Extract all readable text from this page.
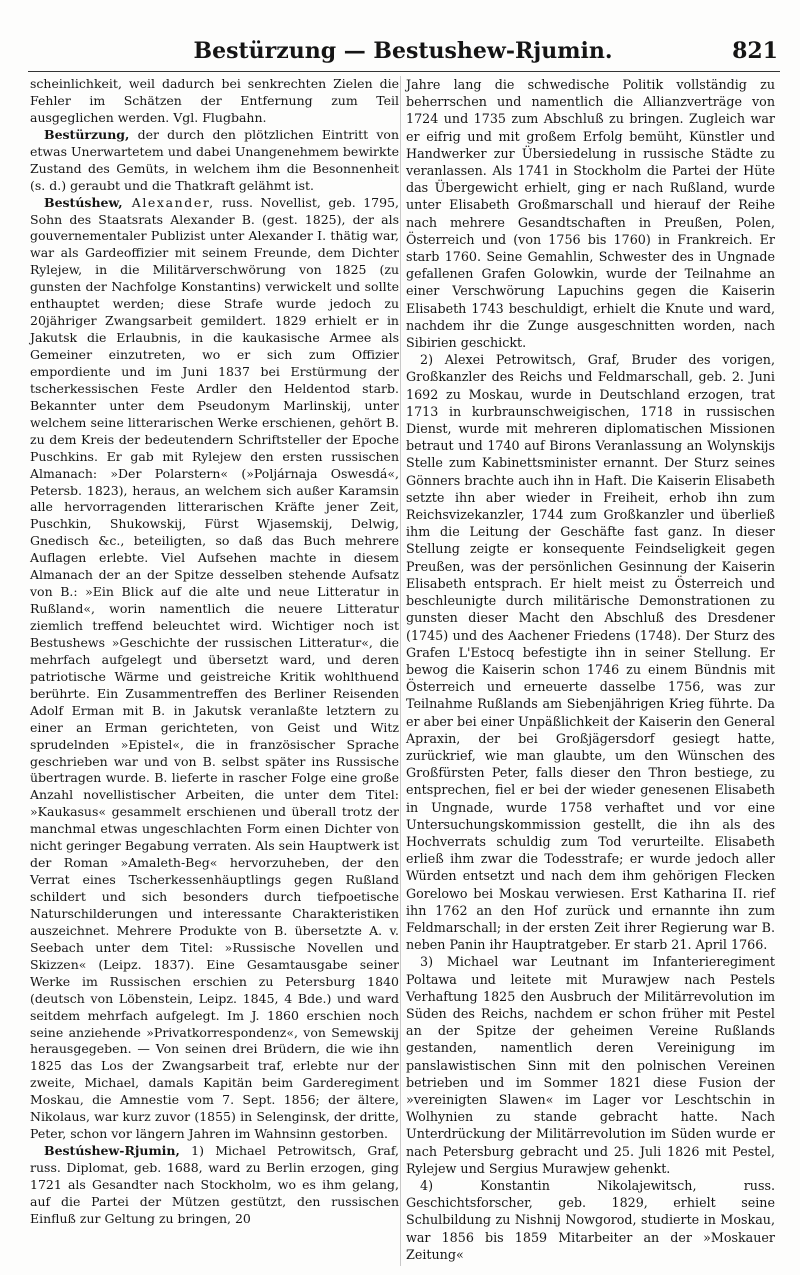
Bestürzung — Bestushew-Rjumin.	821

scheinlichkeit, weil dadurch bei senkrechten Zielen die Fehler im Schätzen der Entfernung zum Teil ausgeglichen werden. Vgl. Flugbahn.

Bestürzung, der durch den plötzlichen Eintritt von etwas Unerwartetem und dabei Unangenehmem bewirkte Zustand des Gemüts, in welchem ihm die Besonnenheit (s. d.) geraubt und die Thatkraft gelähmt ist.

Bestúshew, Alexander, russ. Novellist, geb. 1795, Sohn des Staatsrats Alexander B. (gest. 1825), der als gouvernementaler Publizist unter Alexander I. thätig war, war als Gardeoffizier mit seinem Freunde, dem Dichter Rylejew, in die Militärverschwörung von 1825 (zu gunsten der Nachfolge Konstantins) verwickelt und sollte enthauptet werden; diese Strafe wurde jedoch zu 20jähriger Zwangsarbeit gemildert. 1829 erhielt er in Jakutsk die Erlaubnis, in die kaukasische Armee als Gemeiner einzutreten, wo er sich zum Offizier empordiente und im Juni 1837 bei Erstürmung der tscherkessischen Feste Ardler den Heldentod starb. Bekannter unter dem Pseudonym Marlinskij, unter welchem seine litterarischen Werke erschienen, gehört B. zu dem Kreis der bedeutendern Schriftsteller der Epoche Puschkins. Er gab mit Rylejew den ersten russischen Almanach: »Der Polarstern« (»Poljárnaja Oswesdá«, Petersb. 1823), heraus, an welchem sich außer Karamsin alle hervorragenden litterarischen Kräfte jener Zeit, Puschkin, Shukowskij, Fürst Wjasemskij, Delwig, Gnedisch &c., beteiligten, so daß das Buch mehrere Auflagen erlebte. Viel Aufsehen machte in diesem Almanach der an der Spitze desselben stehende Aufsatz von B.: »Ein Blick auf die alte und neue Litteratur in Rußland«, worin namentlich die neuere Litteratur ziemlich treffend beleuchtet wird. Wichtiger noch ist Bestushews »Geschichte der russischen Litteratur«, die mehrfach aufgelegt und übersetzt ward, und deren patriotische Wärme und geistreiche Kritik wohlthuend berührte. Ein Zusammentreffen des Berliner Reisenden Adolf Erman mit B. in Jakutsk veranlaßte letztern zu einer an Erman gerichteten, von Geist und Witz sprudelnden »Epistel«, die in französischer Sprache geschrieben war und von B. selbst später ins Russische übertragen wurde. B. lieferte in rascher Folge eine große Anzahl novellistischer Arbeiten, die unter dem Titel: »Kaukasus« gesammelt erschienen und überall trotz der manchmal etwas ungeschlachten Form einen Dichter von nicht geringer Begabung verraten. Als sein Hauptwerk ist der Roman »Amaleth-Beg« hervorzuheben, der den Verrat eines Tscherkessenhäuptlings gegen Rußland schildert und sich besonders durch tiefpoetische Naturschilderungen und interessante Charakteristiken auszeichnet. Mehrere Produkte von B. übersetzte A. v. Seebach unter dem Titel: »Russische Novellen und Skizzen« (Leipz. 1837). Eine Gesamtausgabe seiner Werke im Russischen erschien zu Petersburg 1840 (deutsch von Löbenstein, Leipz. 1845, 4 Bde.) und ward seitdem mehrfach aufgelegt. Im J. 1860 erschien noch seine anziehende »Privatkorrespondenz«, von Semewskij herausgegeben. — Von seinen drei Brüdern, die wie ihn 1825 das Los der Zwangsarbeit traf, erlebte nur der zweite, Michael, damals Kapitän beim Garderegiment Moskau, die Amnestie vom 7. Sept. 1856; der ältere, Nikolaus, war kurz zuvor (1855) in Selenginsk, der dritte, Peter, schon vor längern Jahren im Wahnsinn gestorben.

Bestúshew-Rjumin, 1) Michael Petrowitsch, Graf, russ. Diplomat, geb. 1688, ward zu Berlin erzogen, ging 1721 als Gesandter nach Stockholm, wo es ihm gelang, auf die Partei der Mützen gestützt, den russischen Einfluß zur Geltung zu bringen, 20

Jahre lang die schwedische Politik vollständig zu beherrschen und namentlich die Allianzverträge von 1724 und 1735 zum Abschluß zu bringen. Zugleich war er eifrig und mit großem Erfolg bemüht, Künstler und Handwerker zur Übersiedelung in russische Städte zu veranlassen. Als 1741 in Stockholm die Partei der Hüte das Übergewicht erhielt, ging er nach Rußland, wurde unter Elisabeth Großmarschall und hierauf der Reihe nach mehrere Gesandtschaften in Preußen, Polen, Österreich und (von 1756 bis 1760) in Frankreich. Er starb 1760. Seine Gemahlin, Schwester des in Ungnade gefallenen Grafen Golowkin, wurde der Teilnahme an einer Verschwörung Lapuchins gegen die Kaiserin Elisabeth 1743 beschuldigt, erhielt die Knute und ward, nachdem ihr die Zunge ausgeschnitten worden, nach Sibirien geschickt.

2) Alexei Petrowitsch, Graf, Bruder des vorigen, Großkanzler des Reichs und Feldmarschall, geb. 2. Juni 1692 zu Moskau, wurde in Deutschland erzogen, trat 1713 in kurbraunschweigischen, 1718 in russischen Dienst, wurde mit mehreren diplomatischen Missionen betraut und 1740 auf Birons Veranlassung an Wolynskijs Stelle zum Kabinettsminister ernannt. Der Sturz seines Gönners brachte auch ihn in Haft. Die Kaiserin Elisabeth setzte ihn aber wieder in Freiheit, erhob ihn zum Reichsvizekanzler, 1744 zum Großkanzler und überließ ihm die Leitung der Geschäfte fast ganz. In dieser Stellung zeigte er konsequente Feindseligkeit gegen Preußen, was der persönlichen Gesinnung der Kaiserin Elisabeth entsprach. Er hielt meist zu Österreich und beschleunigte durch militärische Demonstrationen zu gunsten dieser Macht den Abschluß des Dresdener (1745) und des Aachener Friedens (1748). Der Sturz des Grafen L'Estocq befestigte ihn in seiner Stellung. Er bewog die Kaiserin schon 1746 zu einem Bündnis mit Österreich und erneuerte dasselbe 1756, was zur Teilnahme Rußlands am Siebenjährigen Krieg führte. Da er aber bei einer Unpäßlichkeit der Kaiserin den General Apraxin, der bei Großjägersdorf gesiegt hatte, zurückrief, wie man glaubte, um den Wünschen des Großfürsten Peter, falls dieser den Thron bestiege, zu entsprechen, fiel er bei der wieder genesenen Elisabeth in Ungnade, wurde 1758 verhaftet und vor eine Untersuchungskommission gestellt, die ihn als des Hochverrats schuldig zum Tod verurteilte. Elisabeth erließ ihm zwar die Todesstrafe; er wurde jedoch aller Würden entsetzt und nach dem ihm gehörigen Flecken Gorelowo bei Moskau verwiesen. Erst Katharina II. rief ihn 1762 an den Hof zurück und ernannte ihn zum Feldmarschall; in der ersten Zeit ihrer Regierung war B. neben Panin ihr Hauptratgeber. Er starb 21. April 1766.

3) Michael war Leutnant im Infanterieregiment Poltawa und leitete mit Murawjew nach Pestels Verhaftung 1825 den Ausbruch der Militärrevolution im Süden des Reichs, nachdem er schon früher mit Pestel an der Spitze der geheimen Vereine Rußlands gestanden, namentlich deren Vereinigung im panslawistischen Sinn mit den polnischen Vereinen betrieben und im Sommer 1821 diese Fusion der »vereinigten Slawen« im Lager vor Leschtschin in Wolhynien zu stande gebracht hatte. Nach Unterdrückung der Militärrevolution im Süden wurde er nach Petersburg gebracht und 25. Juli 1826 mit Pestel, Rylejew und Sergius Murawjew gehenkt.

4) Konstantin Nikolajewitsch, russ. Geschichtsforscher, geb. 1829, erhielt seine Schulbildung zu Nishnij Nowgorod, studierte in Moskau, war 1856 bis 1859 Mitarbeiter an der »Moskauer Zeitung«
